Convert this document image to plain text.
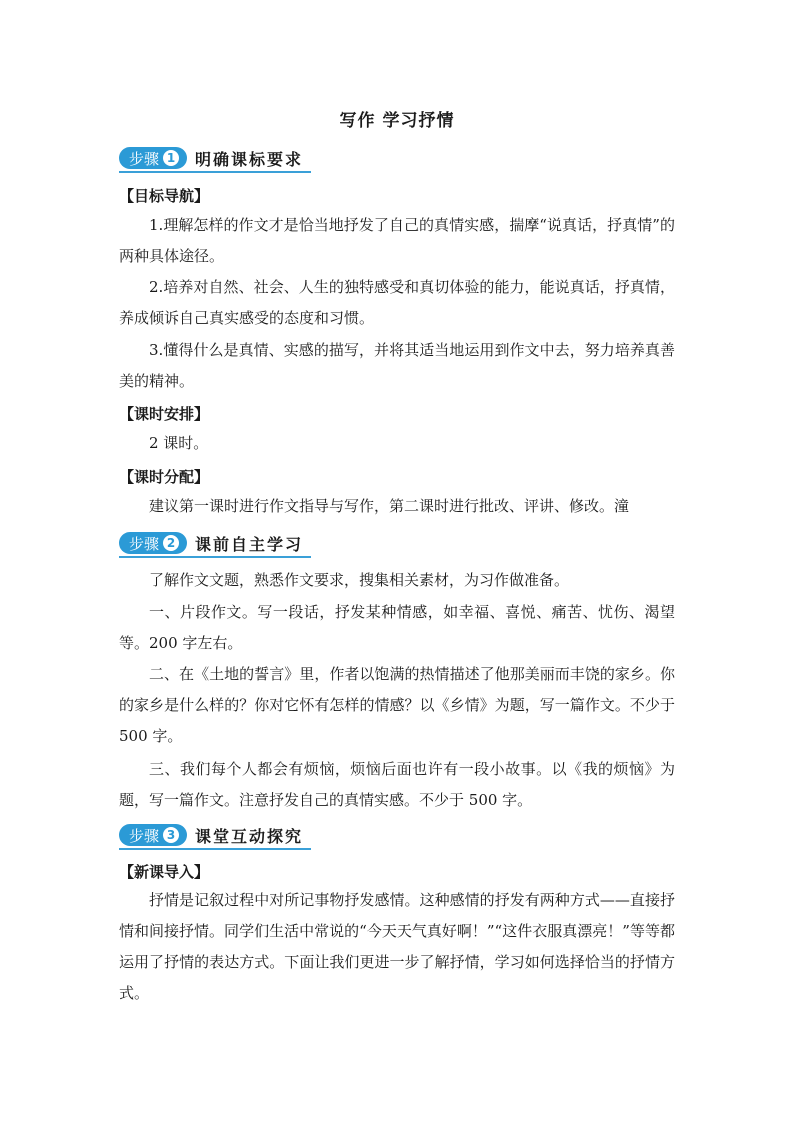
写作 学习抒情
步骤 1	明确课标要求
【目标导航】

1.理解怎样的作文才是恰当地抒发了自己的真情实感，揣摩“说真话，抒真情”的两种具体途径。

2.培养对自然、社会、人生的独特感受和真切体验的能力，能说真话，抒真情，养成倾诉自己真实感受的态度和习惯。

3.懂得什么是真情、实感的描写，并将其适当地运用到作文中去，努力培养真善美的精神。

【课时安排】

2 课时。

【课时分配】

建议第一课时进行作文指导与写作，第二课时进行批改、评讲、修改。潼

步骤 2	课前自主学习

了解作文文题，熟悉作文要求，搜集相关素材，为习作做准备。

一、片段作文。写一段话，抒发某种情感，如幸福、喜悦、痛苦、忧伤、渴望等。200 字左右。

二、在《土地的誓言》里，作者以饱满的热情描述了他那美丽而丰饶的家乡。你的家乡是什么样的？你对它怀有怎样的情感？以《乡情》为题，写一篇作文。不少于 500 字。

三、我们每个人都会有烦恼，烦恼后面也许有一段小故事。以《我的烦恼》为题，写一篇作文。注意抒发自己的真情实感。不少于 500 字。

步骤 3	课堂互动探究
【新课导入】

抒情是记叙过程中对所记事物抒发感情。这种感情的抒发有两种方式——直接抒情和间接抒情。同学们生活中常说的“今天天气真好啊！”“这件衣服真漂亮！”等等都运用了抒情的表达方式。下面让我们更进一步了解抒情，学习如何选择恰当的抒情方式。
